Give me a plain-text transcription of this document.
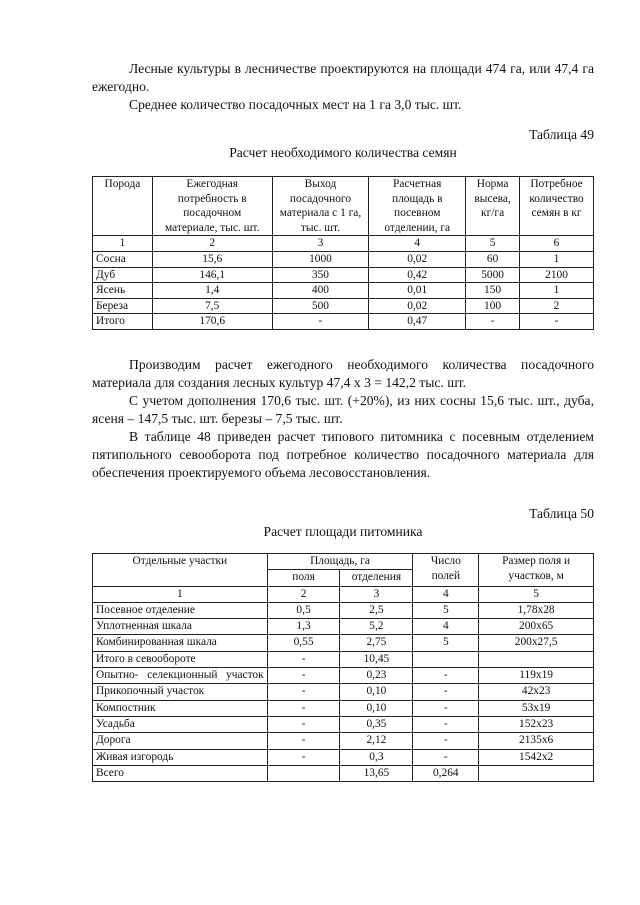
Лесные культуры в лесничестве проектируются на площади 474 га, или 47,4 га ежегодно.

Среднее количество посадочных мест на 1 га 3,0 тыс. шт.

Таблица 49
Расчет необходимого количества семян
Порода	Ежегодная потребность в посадочном материале, тыс. шт.	Выход посадочного материала с 1 га, тыс. шт.	Расчетная площадь в посевном отделении, га	Норма высева, кг/га	Потребное количество семян в кг
1	2	3	4	5	6
Сосна	15,6	1000	0,02	60	1
Дуб	146,1	350	0,42	5000	2100
Ясень	1,4	400	0,01	150	1
Береза	7,5	500	0,02	100	2
Итого	170,6	-	0,47	-	-

Производим расчет ежегодного необходимого количества посадочного материала для создания лесных культур 47,4 х 3 = 142,2 тыс. шт.

С учетом дополнения 170,6 тыс. шт. (+20%), из них сосны 15,6 тыс. шт., дуба, ясеня – 147,5 тыс. шт. березы – 7,5 тыс. шт.

В таблице 48 приведен расчет типового питомника с посевным отделением пятипольного севооборота под потребное количество посадочного материала для обеспечения проектируемого объема лесовосстановления.

Таблица 50
Расчет площади питомника
Отдельные участки	Площадь, га		Число полей	Размер поля и участков, м
	поля	отделения		
1	2	3	4	5
Посевное отделение	0,5	2,5	5	1,78х28
Уплотненная шкала	1,3	5,2	4	200х65
Комбинированная шкала	0,55	2,75	5	200х27,5
Итого в севообороте	-	10,45		
Опытно- селекционный участок	-	0,23	-	119х19
Прикопочный участок	-	0,10	-	42х23
Компостник	-	0,10	-	53х19
Усадьба	-	0,35	-	152х23
Дорога	-	2,12	-	2135х6
Живая изгородь	-	0,3	-	1542х2
Всего		13,65	0,264	
